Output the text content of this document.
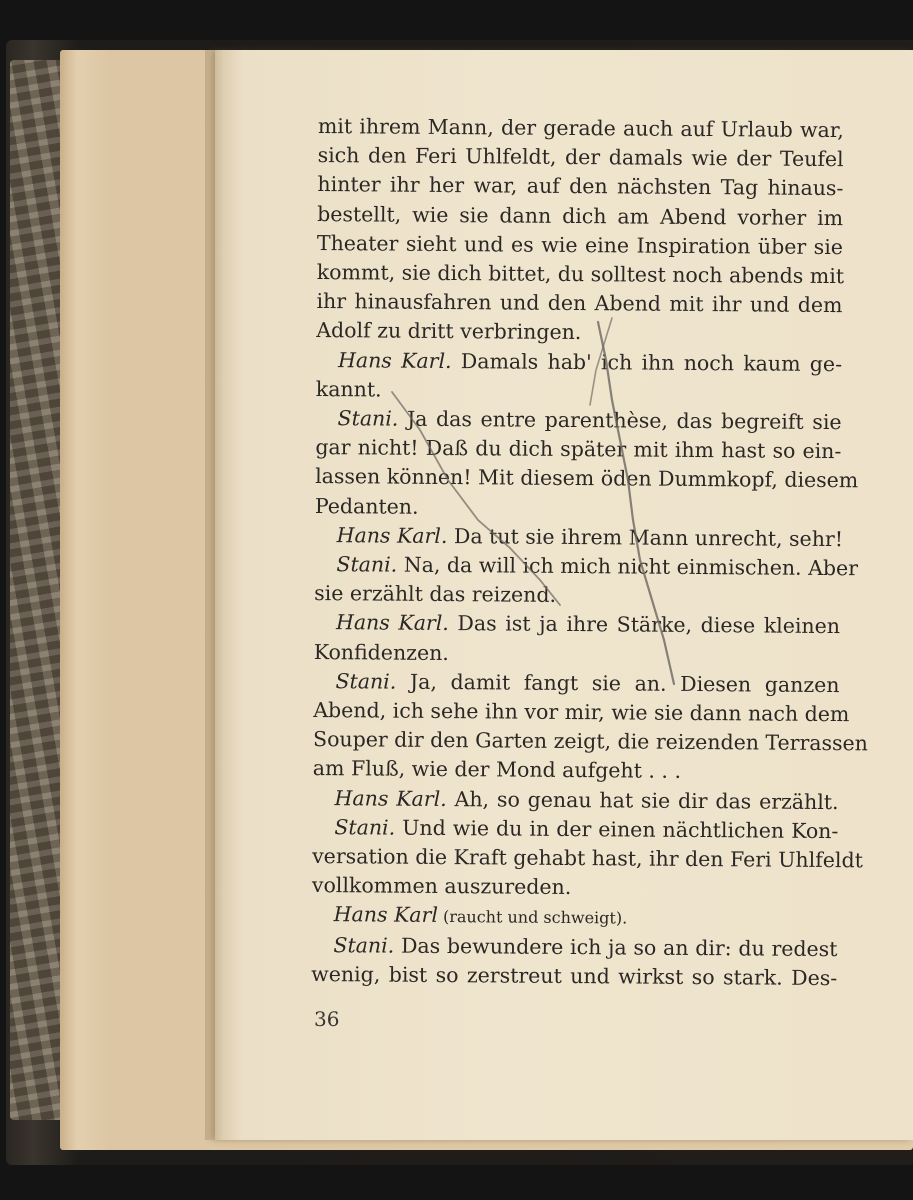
mit ihrem Mann, der gerade auch auf Urlaub war,
sich den Feri Uhlfeldt, der damals wie der Teufel
hinter ihr her war, auf den nächsten Tag hinaus-
bestellt, wie sie dann dich am Abend vorher im
Theater sieht und es wie eine Inspiration über sie
kommt, sie dich bittet, du solltest noch abends mit
ihr hinausfahren und den Abend mit ihr und dem
Adolf zu dritt verbringen.
Hans Karl. Damals hab' ich ihn noch kaum ge-
kannt.
Stani. Ja das entre parenthèse, das begreift sie
gar nicht! Daß du dich später mit ihm hast so ein-
lassen können! Mit diesem öden Dummkopf, diesem
Pedanten.
Hans Karl. Da tut sie ihrem Mann unrecht, sehr!
Stani. Na, da will ich mich nicht einmischen. Aber
sie erzählt das reizend.
Hans Karl. Das ist ja ihre Stärke, diese kleinen
Konfidenzen.
Stani. Ja, damit fangt sie an. Diesen ganzen
Abend, ich sehe ihn vor mir, wie sie dann nach dem
Souper dir den Garten zeigt, die reizenden Terrassen
am Fluß, wie der Mond aufgeht . . .
Hans Karl. Ah, so genau hat sie dir das erzählt.
Stani. Und wie du in der einen nächtlichen Kon-
versation die Kraft gehabt hast, ihr den Feri Uhlfeldt
vollkommen auszureden.
Hans Karl (raucht und schweigt).
Stani. Das bewundere ich ja so an dir: du redest
wenig, bist so zerstreut und wirkst so stark. Des-
36
